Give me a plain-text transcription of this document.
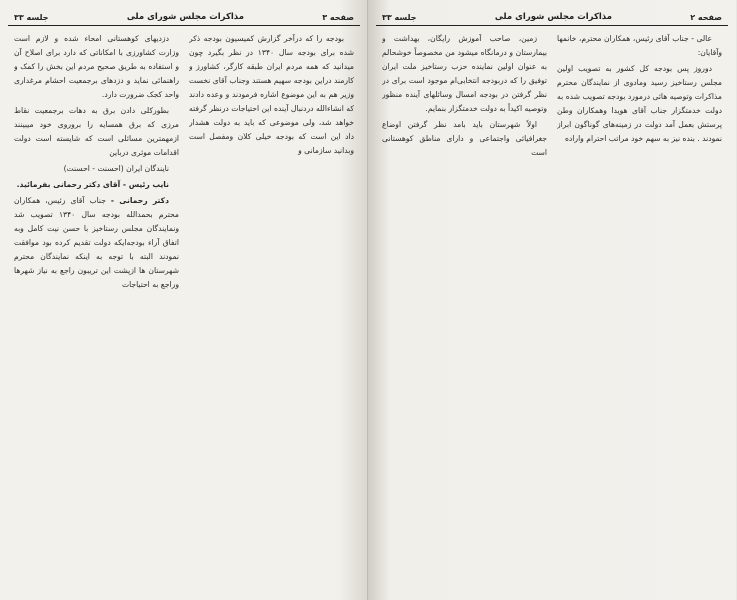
جلسه ۳۳	مذاکرات مجلس شورای ملی	صفحه ۳

بودجه را که درآخر گزارش کمیسیون بودجه ذکر شده برای بودجه سال ۱۳۴۰ در نظر بگیرد چون میدانید که همه مردم ایران طبقه کارگر، کشاورز و کارمند دراین بودجه سهیم هستند وجناب آقای نخست وزیر هم به این موضوع اشاره فرمودند و وعده دادند که انشاءالله دردنبال آینده این احتیاجات درنظر گرفته خواهد شد، ولی موضوعی که باید به دولت هشدار داد این است که بودجه خیلی کلان ومفصل است وبدانید سازمانی و

دزدیهای کوهستانی امحاء شده و لازم است وزارت کشاورزی با امکاناتی که دارد برای اصلاح آن و استفاده به طریق صحیح مردم این بخش را کمک و راهنمائی نماید و دزدهای برجمعیت احشام مرغداری واحد کجک ضرورت دارد.

بطورکلی دادن برق به دهات برجمعیت نقاط مرزی که برق همسایه را بروروی خود میبینند ازمهمترین مسائلی است که شایسته است دولت اقدامات موثری درباین

نایندگان ایران (احسنت - احسنت)

نایب رئیس - آقای دکتر رحمانی بفرمائید.

دکتر رحمانی - جناب آقای رئیس، همکاران محترم بحمدالله بودجه سال ۱۳۴۰ تصویب شد ونمایندگان مجلس رستاخیز با حسن نیت کامل وبه اتفاق آراء بودجه‌ایکه دولت تقدیم کرده بود موافقت نمودند البته با توجه به اینکه نمایندگان محترم شهرستان ها ازپشت این تریبون راجع به نیاز شهرها وراجع به احتیاجات

جلسه ۳۳	مذاکرات مجلس شورای ملی	صفحه ۲

عالی - جناب آقای رئیس، همکاران محترم، خانمها وآقایان:

دوروز پس بودجه کل کشور به تصویب اولین مجلس رستاخیز رسید ومادوی از نمایندگان محترم مذاکرات وتوصیه هائی درمورد بودجه تصویب شده به دولت خدمتگزار جناب آقای هویدا وهمکاران وطن پرستش بعمل آمد دولت در زمینه‌های گوناگون ابراز نمودند . بنده نیز به سهم خود مراتب احترام واراده

زمین، صاحب آموزش رایگان، بهداشت و بیمارستان و درمانگاه میشود من مخصوصاً خوشحالم به عنوان اولین نماینده حزب رستاخیز ملت ایران توفیق را که دربودجه انتخابی‌ام موجود است برای در نظر گرفتن در بودجه امسال وسائلهای آینده منظور وتوصیه اکیداً به دولت خدمتگزار بنمایم.

اولاً شهرستان باید بامد نظر گرفتن اوضاع جغرافیائی واجتماعی و دارای مناطق کوهستانی است
